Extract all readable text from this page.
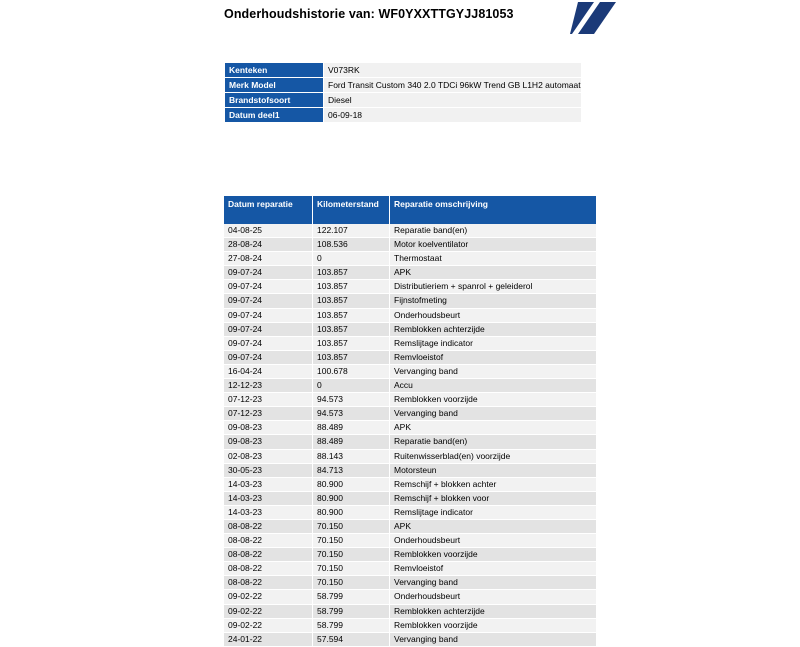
Onderhoudshistorie van: WF0YXXTTGYJJ81053
Kenteken	V073RK
Merk Model	Ford Transit Custom 340 2.0 TDCi 96kW Trend GB L1H2 automaat
Brandstofsoort	Diesel
Datum deel1	06-09-18
Datum reparatie	Kilometerstand	Reparatie omschrijving
04-08-25	122.107	Reparatie band(en)
28-08-24	108.536	Motor koelventilator
27-08-24	0	Thermostaat
09-07-24	103.857	APK
09-07-24	103.857	Distributieriem + spanrol + geleiderol
09-07-24	103.857	Fijnstofmeting
09-07-24	103.857	Onderhoudsbeurt
09-07-24	103.857	Remblokken achterzijde
09-07-24	103.857	Remslijtage indicator
09-07-24	103.857	Remvloeistof
16-04-24	100.678	Vervanging band
12-12-23	0	Accu
07-12-23	94.573	Remblokken voorzijde
07-12-23	94.573	Vervanging band
09-08-23	88.489	APK
09-08-23	88.489	Reparatie band(en)
02-08-23	88.143	Ruitenwisserblad(en) voorzijde
30-05-23	84.713	Motorsteun
14-03-23	80.900	Remschijf + blokken achter
14-03-23	80.900	Remschijf + blokken voor
14-03-23	80.900	Remslijtage indicator
08-08-22	70.150	APK
08-08-22	70.150	Onderhoudsbeurt
08-08-22	70.150	Remblokken voorzijde
08-08-22	70.150	Remvloeistof
08-08-22	70.150	Vervanging band
09-02-22	58.799	Onderhoudsbeurt
09-02-22	58.799	Remblokken achterzijde
09-02-22	58.799	Remblokken voorzijde
24-01-22	57.594	Vervanging band
